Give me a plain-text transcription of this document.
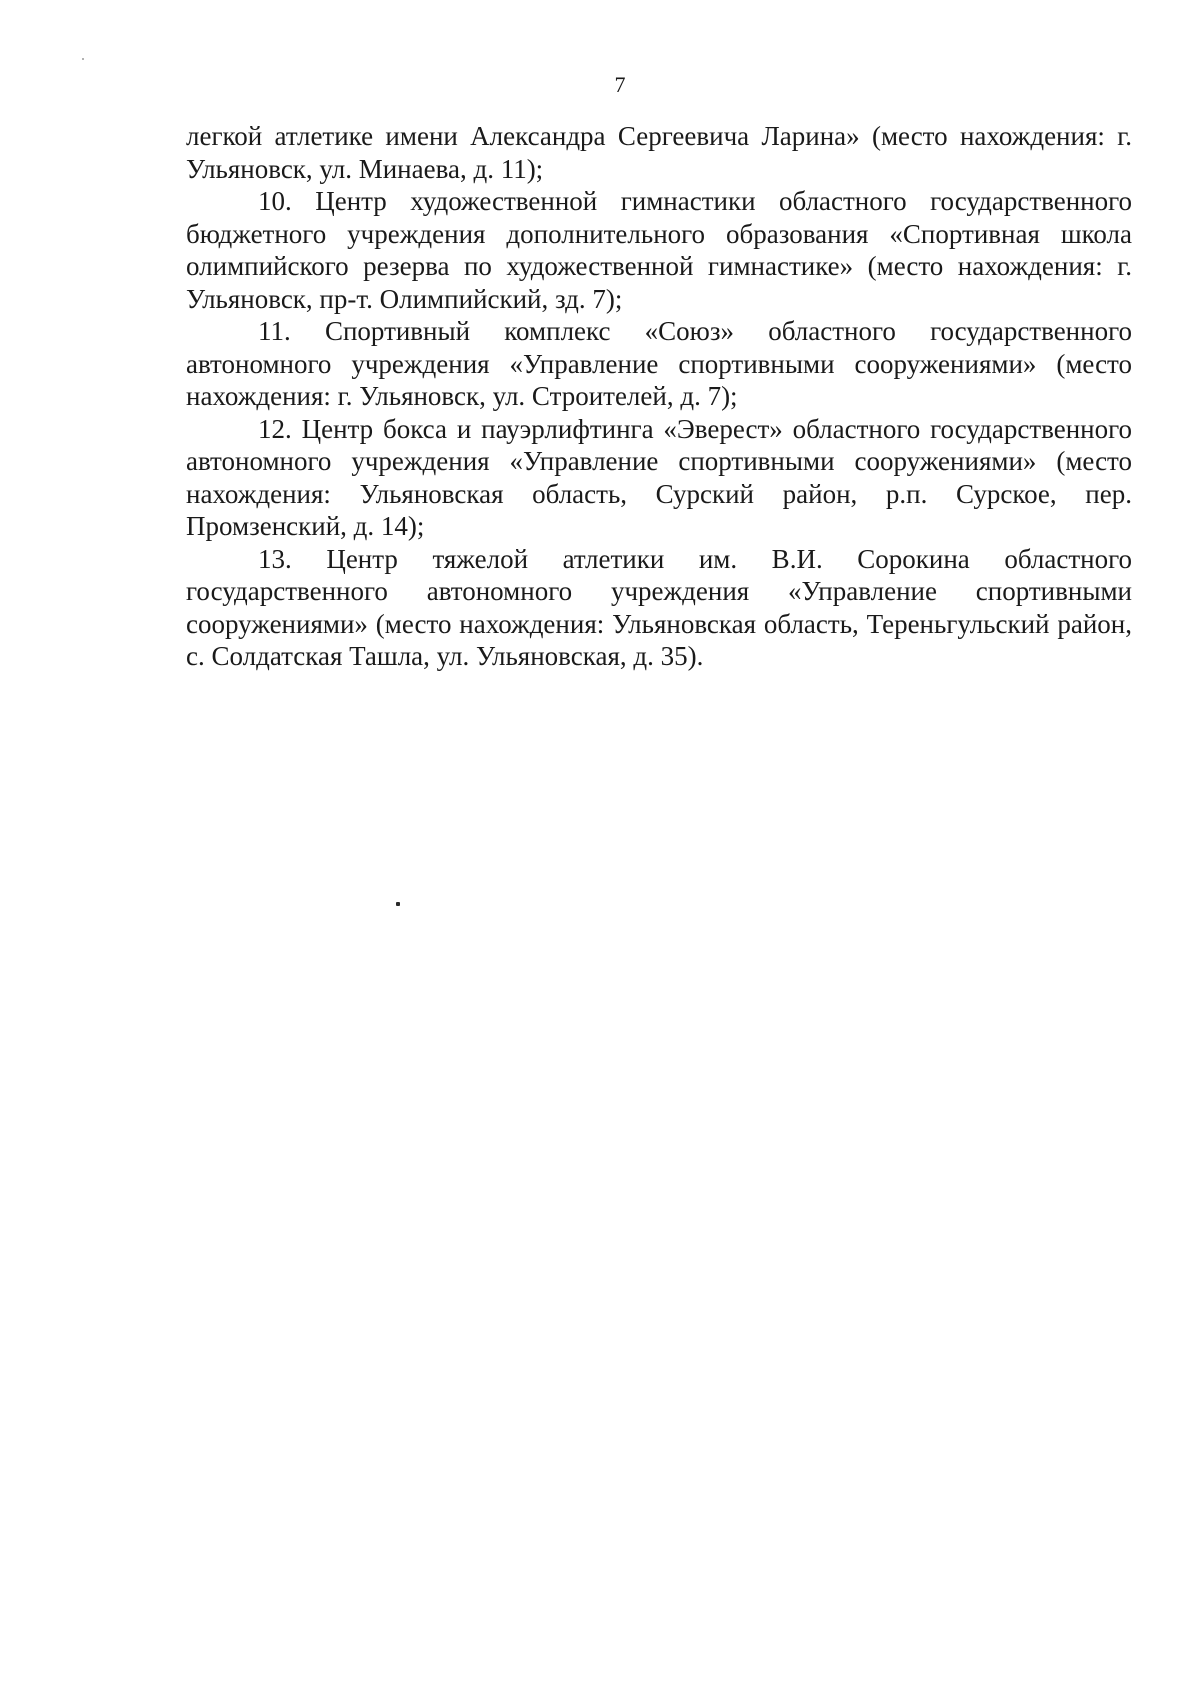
7

легкой атлетике имени Александра Сергеевича Ларина» (место нахождения: г. Ульяновск, ул. Минаева, д. 11);

10. Центр художественной гимнастики областного государственного бюджетного учреждения дополнительного образования «Спортивная школа олимпийского резерва по художественной гимнастике» (место нахождения: г. Ульяновск, пр-т. Олимпийский, зд. 7);

11. Спортивный комплекс «Союз» областного государственного автономного учреждения «Управление спортивными сооружениями» (место нахождения: г. Ульяновск, ул. Строителей, д. 7);

12. Центр бокса и пауэрлифтинга «Эверест» областного государственного автономного учреждения «Управление спортивными сооружениями» (место нахождения: Ульяновская область, Сурский район, р.п. Сурское, пер. Промзенский, д. 14);

13. Центр тяжелой атлетики им. В.И. Сорокина областного государственного автономного учреждения «Управление спортивными сооружениями» (место нахождения: Ульяновская область, Тереньгульский район, с. Солдатская Ташла, ул. Ульяновская, д. 35).
